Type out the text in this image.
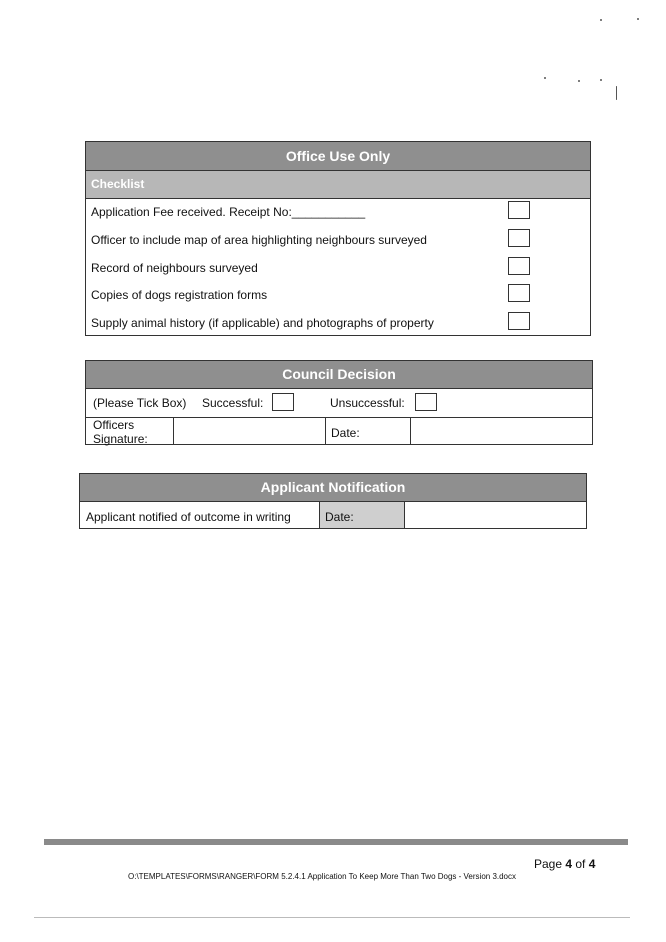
Office Use Only
Checklist
Application Fee received. Receipt No:___________
Officer to include map of area highlighting neighbours surveyed
Record of neighbours surveyed
Copies of dogs registration forms
Supply animal history (if applicable) and photographs of property
Council Decision
(Please Tick Box) Successful:	Unsuccessful:
Officers Signature:	Date:
Applicant Notification
Applicant notified of outcome in writing	Date:
Page 4 of 4
O:\TEMPLATES\FORMS\RANGER\FORM 5.2.4.1 Application To Keep More Than Two Dogs - Version 3.docx
